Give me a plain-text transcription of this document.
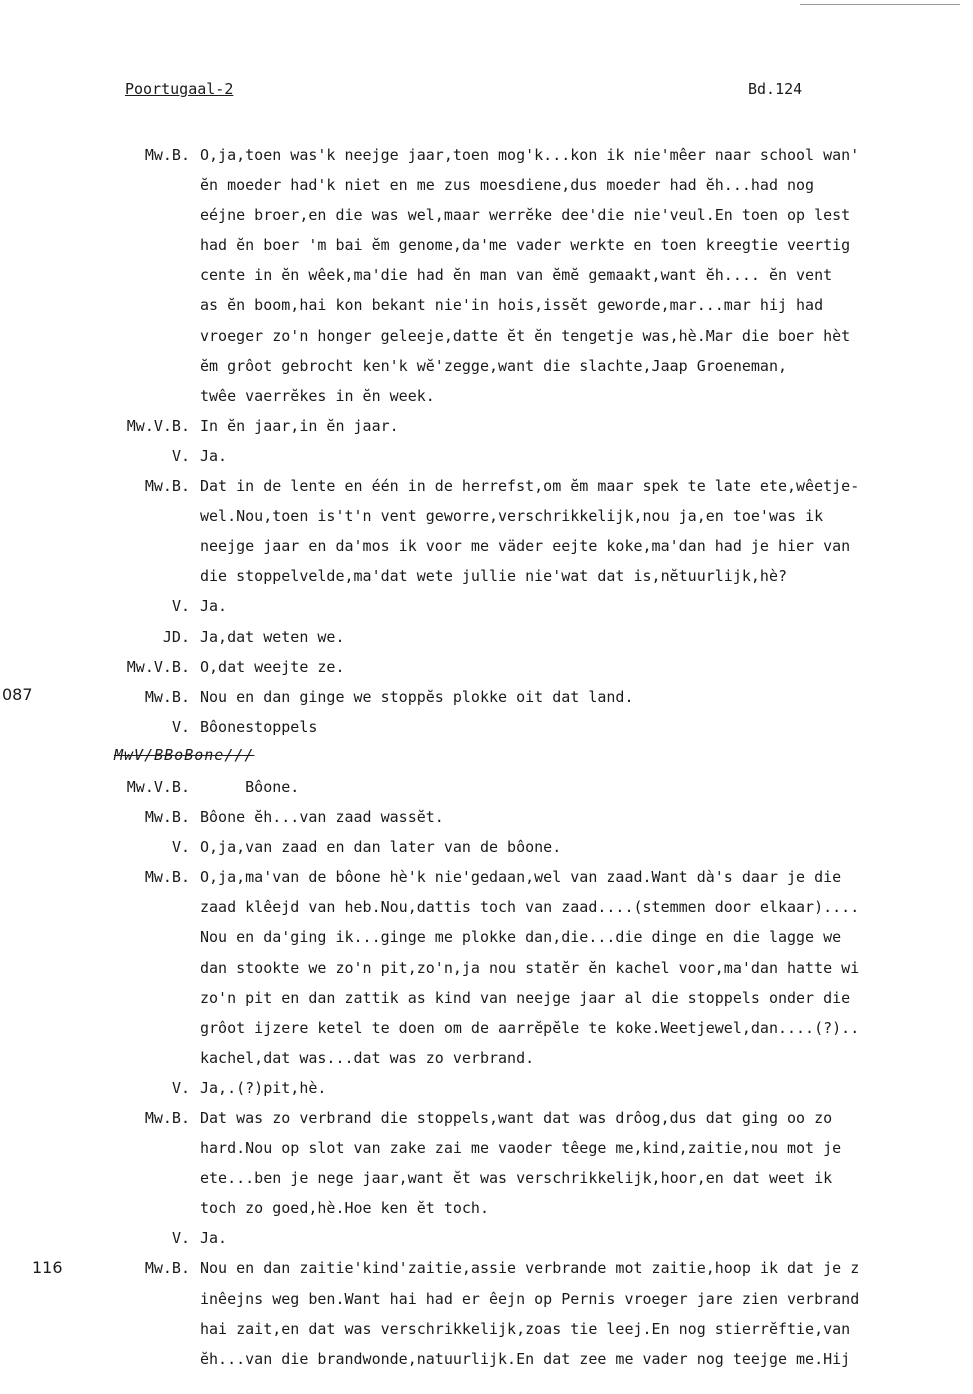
Poortugaal-2	Bd.124
087
116
MwV/BBoBone///
Mw.B. O,ja,toen was'k neejge jaar,toen mog'k...kon ik nie'mêer naar school wan'
ĕn moeder had'k niet en me zus moesdiene,dus moeder had ĕh...had nog
eéjne broer,en die was wel,maar werrĕke dee'die nie'veul.En toen op lest
had ĕn boer 'm bai ĕm genome,da'me vader werkte en toen kreegtie veertig
cente in ĕn wêek,ma'die had ĕn man van ĕmĕ gemaakt,want ĕh.... ĕn vent
as ĕn boom,hai kon bekant nie'in hois,issĕt geworde,mar...mar hij had
vroeger zo'n honger geleeje,datte ĕt ĕn tengetje was,hè.Mar die boer hèt
ĕm grôot gebrocht ken'k wĕ'zegge,want die slachte,Jaap Groeneman,
twêe vaerrĕkes in ĕn week.
Mw.V.B. In ĕn jaar,in ĕn jaar.
V. Ja.
Mw.B. Dat in de lente en één in de herrefst,om ĕm maar spek te late ete,wêetje-
wel.Nou,toen is't'n vent geworre,verschrikkelijk,nou ja,en toe'was ik
neejge jaar en da'mos ik voor me väder eejte koke,ma'dan had je hier van
die stoppelvelde,ma'dat wete jullie nie'wat dat is,nĕtuurlijk,hè?
V. Ja.
JD. Ja,dat weten we.
Mw.V.B. O,dat weejte ze.
Mw.B. Nou en dan ginge we stoppĕs plokke oit dat land.
V. Bôonestoppels
Mw.V.B. Bôone.
Mw.B. Bôone ĕh...van zaad wassĕt.
V. O,ja,van zaad en dan later van de bôone.
Mw.B. O,ja,ma'van de bôone hè'k nie'gedaan,wel van zaad.Want dà's daar je die
zaad klêejd van heb.Nou,dattis toch van zaad....(stemmen door elkaar)....
Nou en da'ging ik...ginge me plokke dan,die...die dinge en die lagge we
dan stookte we zo'n pit,zo'n,ja nou statĕr ĕn kachel voor,ma'dan hatte wi
zo'n pit en dan zattik as kind van neejge jaar al die stoppels onder die
grôot ijzere ketel te doen om de aarrĕpĕle te koke.Weetjewel,dan....(?)..
kachel,dat was...dat was zo verbrand.
V. Ja,.(?)pit,hè.
Mw.B. Dat was zo verbrand die stoppels,want dat was drôog,dus dat ging oo zo
hard.Nou op slot van zake zai me vaoder têege me,kind,zaitie,nou mot je
ete...ben je nege jaar,want ĕt was verschrikkelijk,hoor,en dat weet ik
toch zo goed,hè.Hoe ken ĕt toch.
V. Ja.
Mw.B. Nou en dan zaitie'kind'zaitie,assie verbrande mot zaitie,hoop ik dat je z
inêejns weg ben.Want hai had er êejn op Pernis vroeger jare zien verbrand
hai zait,en dat was verschrikkelijk,zoas tie leej.En nog stierrĕftie,van
ĕh...van die brandwonde,natuurlijk.En dat zee me vader nog teejge me.Hij
